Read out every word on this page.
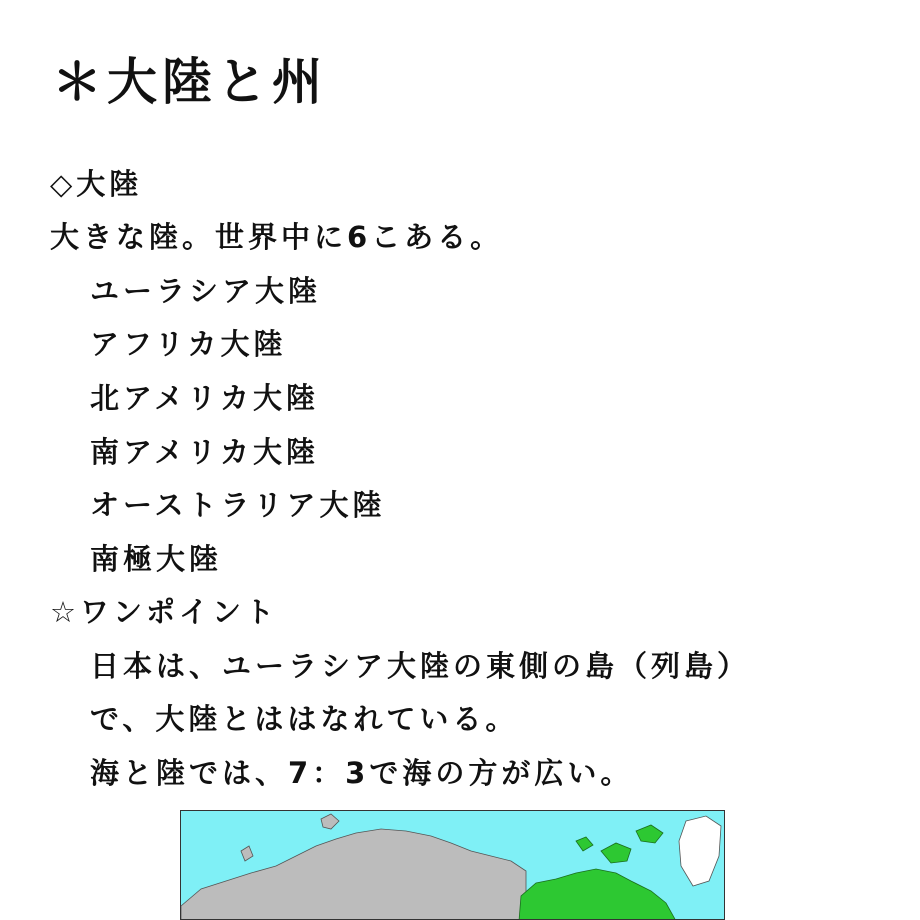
＊大陸と州
◇大陸
大きな陸。世界中に6こある。
ユーラシア大陸
アフリカ大陸
北アメリカ大陸
南アメリカ大陸
オーストラリア大陸
南極大陸
☆ワンポイント
日本は、ユーラシア大陸の東側の島（列島）
で、大陸とははなれている。
海と陸では、7：3で海の方が広い。
